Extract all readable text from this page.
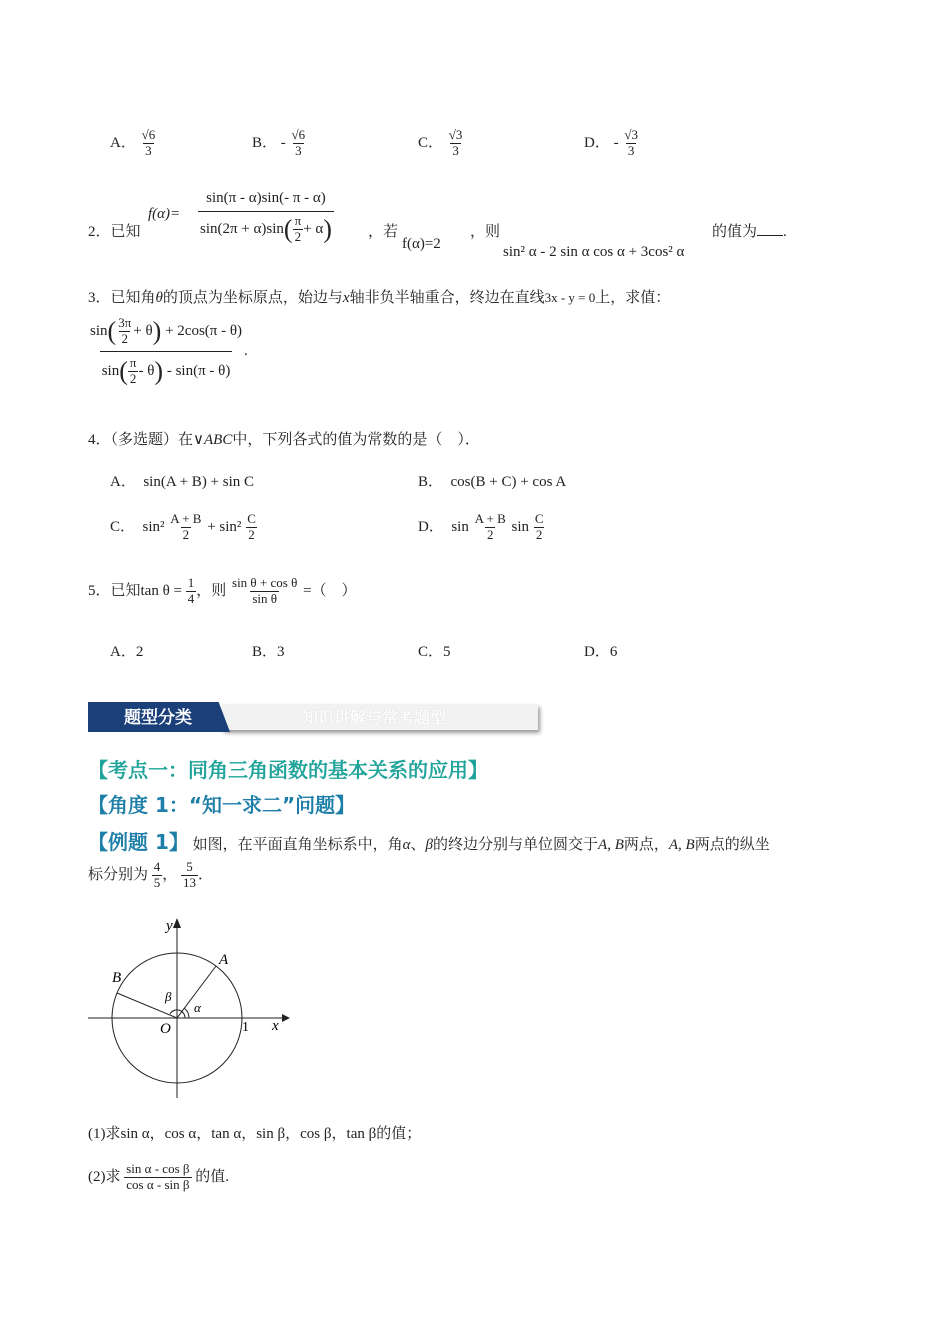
A． $\frac{√6}{3}$	B． - $\frac{√6}{3}$	C． $\frac{√3}{3}$	D． - $\frac{√3}{3}$
2．已知
$f(\alpha)= \frac{\sin(\pi - \alpha)\sin(- \pi - \alpha)}{\sin(2\pi + \alpha)\sin( \frac{\pi}{2} + \alpha)}$ ，若
f(α)=2
，则
sin² α - 2 sin α cos α + 3cos² α
的值为 .
3．已知角θ的顶点为坐标原点，始边与x轴非负半轴重合，终边在直线3x - y = 0上，求值：
$\frac{\sin( \frac{3\pi}{2} + \theta) + 2\cos(\pi - \theta)}{\sin( \frac{\pi}{2} - \theta) - \sin(\pi - \theta)}$ .
4．（多选题）在∨ABC中，下列各式的值为常数的是（　）．
A． sin(A + B) + sin C	B． cos(B + C) + cos A
C． $\sin^2 \frac{A + B}{2} + \sin^2 \frac{C}{2}$	D． $\sin \frac{A + B}{2}$ $\sin \frac{C}{2}$
5．已知$\tan \theta = \frac{1}{4}$ ，则 $\frac{\text{sin θ + cos θ}}{\text{sin θ}}$ =（　）
A．2	B．3	C．5	D．6
题型分类	知识讲解与常考题型
【考点一：同角三角函数的基本关系的应用】
【角度 1：“知一求二”问题】
【例题 1】 如图，在平面直角坐标系中，角α、β的终边分别与单位圆交于A, B两点，A, B两点的纵坐
标分别为 $\frac{4}{5}$ ， $\frac{5}{13}$ ．
y
x
O	1
A
B
α
β
(1)求sin α，cos α，tan α，sin β，cos β，tan β的值；
(2)求 $\frac{\text{sin α - cos β}}{\text{cos α - sin β}}$ 的值.
